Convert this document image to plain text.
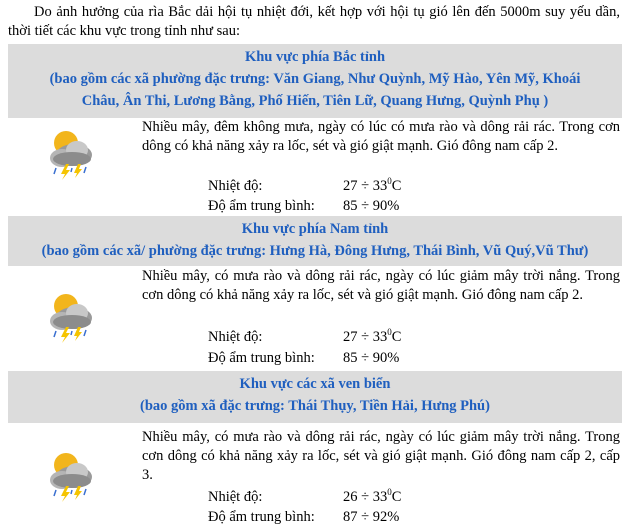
Do ảnh hưởng của rìa Bắc dải hội tụ nhiệt đới, kết hợp với hội tụ gió lên đến 5000m suy yếu dần, thời tiết các khu vực trong tỉnh như sau:
Khu vực phía Bắc tỉnh
(bao gồm các xã phường đặc trưng: Văn Giang, Như Quỳnh, Mỹ Hào, Yên Mỹ, Khoái
Châu, Ân Thi, Lương Bằng, Phố Hiến, Tiên Lữ, Quang Hưng, Quỳnh Phụ )
Nhiều mây, đêm không mưa, ngày có lúc có mưa rào và dông rải rác. Trong cơn dông có khả năng xảy ra lốc, sét và gió giật mạnh. Gió đông nam cấp 2.
Nhiệt độ:	$27 \div 33^0C$
Độ ẩm trung bình: 85 ÷ 90%
Khu vực phía Nam tỉnh
(bao gồm các xã/ phường đặc trưng: Hưng Hà, Đông Hưng, Thái Bình, Vũ Quý,Vũ Thư)
Nhiều mây, có mưa rào và dông rải rác, ngày có lúc giảm mây trời nắng. Trong cơn dông có khả năng xảy ra lốc, sét và gió giật mạnh. Gió đông nam cấp 2.
Nhiệt độ:	$27 \div 33^0C$
Độ ẩm trung bình: 85 ÷ 90%
Khu vực các xã ven biển
(bao gồm xã đặc trưng: Thái Thụy, Tiền Hải, Hưng Phú)
Nhiều mây, có mưa rào và dông rải rác, ngày có lúc giảm mây trời nắng. Trong cơn dông có khả năng xảy ra lốc, sét và gió giật mạnh. Gió đông nam cấp 2, cấp 3.
Nhiệt độ:	$26 \div 33^0C$
Độ ẩm trung bình: 87 ÷ 92%
